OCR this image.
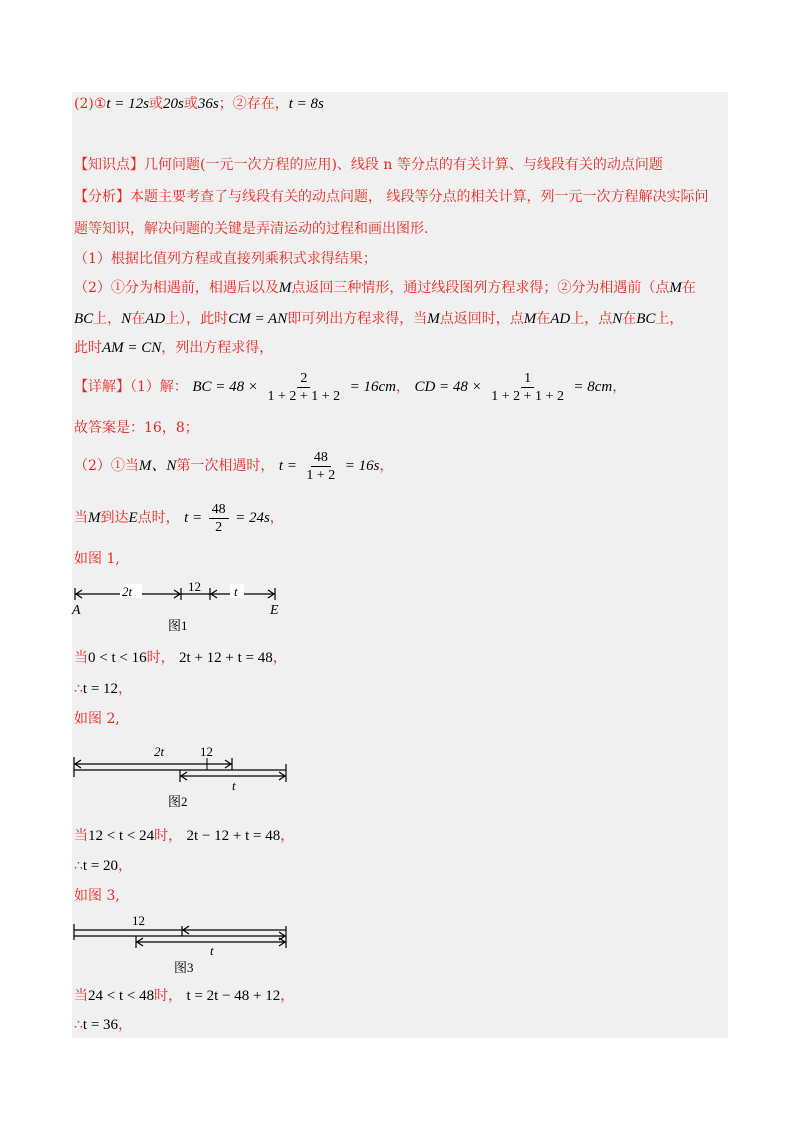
(2)①t = 12s或20s或36s；②存在，t = 8s
【知识点】几何问题(一元一次方程的应用)、线段 n 等分点的有关计算、与线段有关的动点问题
【分析】本题主要考查了与线段有关的动点问题， 线段等分点的相关计算，列一元一次方程解决实际问
题等知识，解决问题的关键是弄清运动的过程和画出图形.
（1）根据比值列方程或直接列乘积式求得结果；
（2）①分为相遇前，相遇后以及M点返回三种情形，通过线段图列方程求得；②分为相遇前（点M在
BC上，N在AD上），此时CM = AN即可列出方程求得，当M点返回时，点M在AD上，点N在BC上，
此时AM = CN，列出方程求得，
【详解】（1）解： BC = $48 \times \frac{2}{1 + 2 + 1 + 2} = 16cm$， CD = $48 \times \frac{1}{1 + 2 + 1 + 2} = 8cm$，
故答案是：16，8；
（2）①当M、N第一次相遇时， $t = \frac{48}{1 + 2} = 16s$，
当M到达E点时， $t = \frac{48}{2} = 24s$，
如图 1,
2t	12	t
A	E
图1
当0 < t < 16时， 2t + 12 + t = 48，
∴t = 12，
如图 2,
2t	12
t
图2
当12 < t < 24时， 2t − 12 + t = 48，
∴t = 20，
如图 3,
12
t
图3
当24 < t < 48时， t = 2t − 48 + 12，
∴t = 36，
